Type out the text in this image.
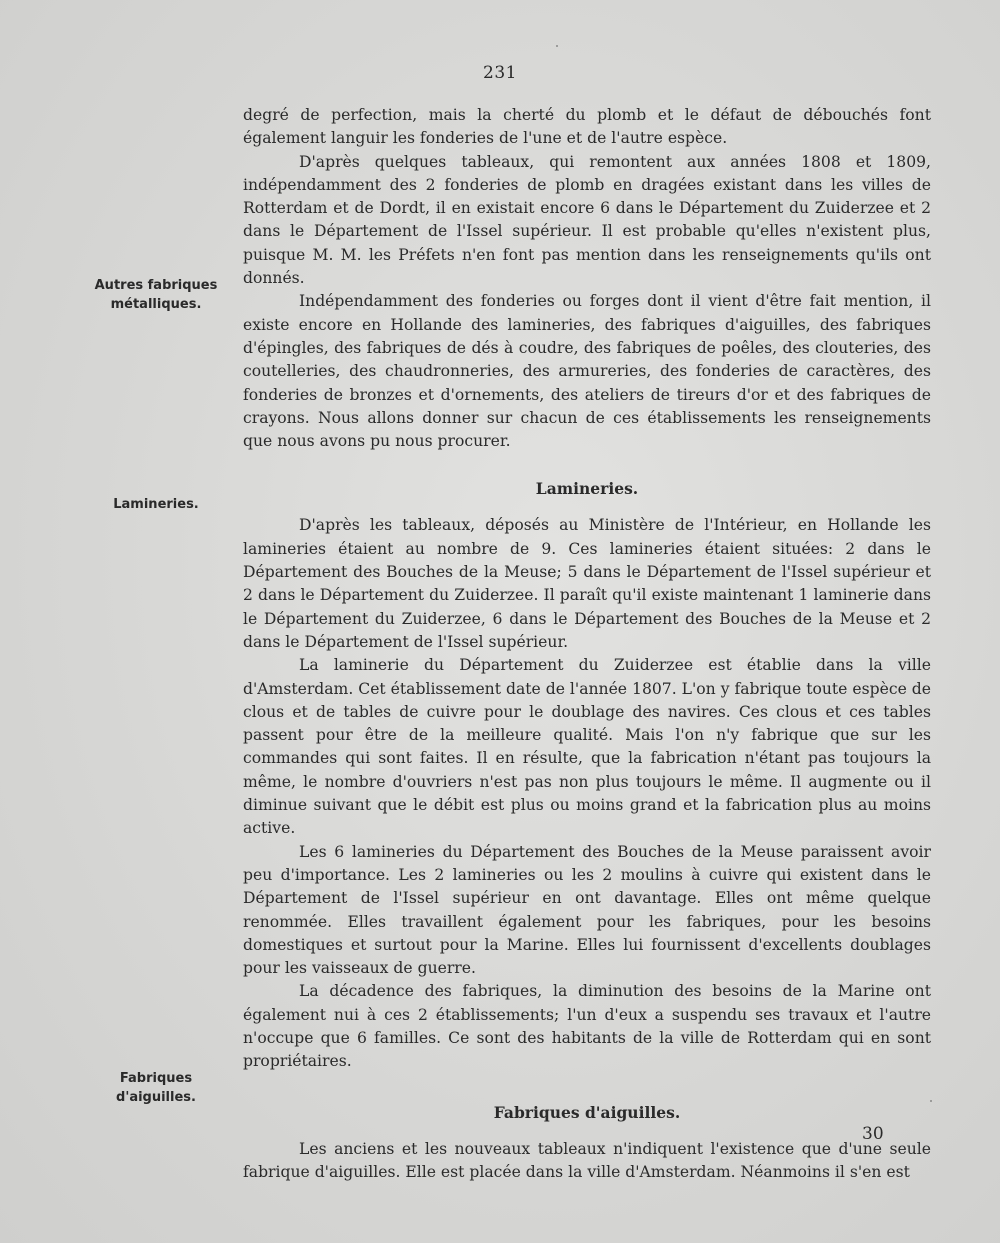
231
Autres fabriques métalliques.
Lamineries.
Fabriques d'aiguilles.

degré de perfection, mais la cherté du plomb et le défaut de débouchés font également languir les fonderies de l'une et de l'autre espèce.

D'après quelques tableaux, qui remontent aux années 1808 et 1809, indépendamment des 2 fonderies de plomb en dragées existant dans les villes de Rotterdam et de Dordt, il en existait encore 6 dans le Département du Zuiderzee et 2 dans le Département de l'Issel supérieur. Il est probable qu'elles n'existent plus, puisque M. M. les Préfets n'en font pas mention dans les renseignements qu'ils ont donnés.

Indépendamment des fonderies ou forges dont il vient d'être fait mention, il existe encore en Hollande des lamineries, des fabriques d'aiguilles, des fabriques d'épingles, des fabriques de dés à coudre, des fabriques de poêles, des clouteries, des coutelleries, des chaudronneries, des armureries, des fonderies de caractères, des fonderies de bronzes et d'ornements, des ateliers de tireurs d'or et des fabriques de crayons. Nous allons donner sur chacun de ces établissements les renseignements que nous avons pu nous procurer.

Lamineries.

D'après les tableaux, déposés au Ministère de l'Intérieur, en Hollande les lamineries étaient au nombre de 9. Ces lamineries étaient situées: 2 dans le Département des Bouches de la Meuse; 5 dans le Département de l'Issel supérieur et 2 dans le Département du Zuiderzee. Il paraît qu'il existe maintenant 1 laminerie dans le Département du Zuiderzee, 6 dans le Département des Bouches de la Meuse et 2 dans le Département de l'Issel supérieur.

La laminerie du Département du Zuiderzee est établie dans la ville d'Amsterdam. Cet établissement date de l'année 1807. L'on y fabrique toute espèce de clous et de tables de cuivre pour le doublage des navires. Ces clous et ces tables passent pour être de la meilleure qualité. Mais l'on n'y fabrique que sur les commandes qui sont faites. Il en résulte, que la fabrication n'étant pas toujours la même, le nombre d'ouvriers n'est pas non plus toujours le même. Il augmente ou il diminue suivant que le débit est plus ou moins grand et la fabrication plus au moins active.

Les 6 lamineries du Département des Bouches de la Meuse paraissent avoir peu d'importance. Les 2 lamineries ou les 2 moulins à cuivre qui existent dans le Département de l'Issel supérieur en ont davantage. Elles ont même quelque renommée. Elles travaillent également pour les fabriques, pour les besoins domestiques et surtout pour la Marine. Elles lui fournissent d'excellents doublages pour les vaisseaux de guerre.

La décadence des fabriques, la diminution des besoins de la Marine ont également nui à ces 2 établissements; l'un d'eux a suspendu ses travaux et l'autre n'occupe que 6 familles. Ce sont des habitants de la ville de Rotterdam qui en sont propriétaires.

Fabriques d'aiguilles.

Les anciens et les nouveaux tableaux n'indiquent l'existence que d'une seule fabrique d'aiguilles. Elle est placée dans la ville d'Amsterdam. Néanmoins il s'en est

30
